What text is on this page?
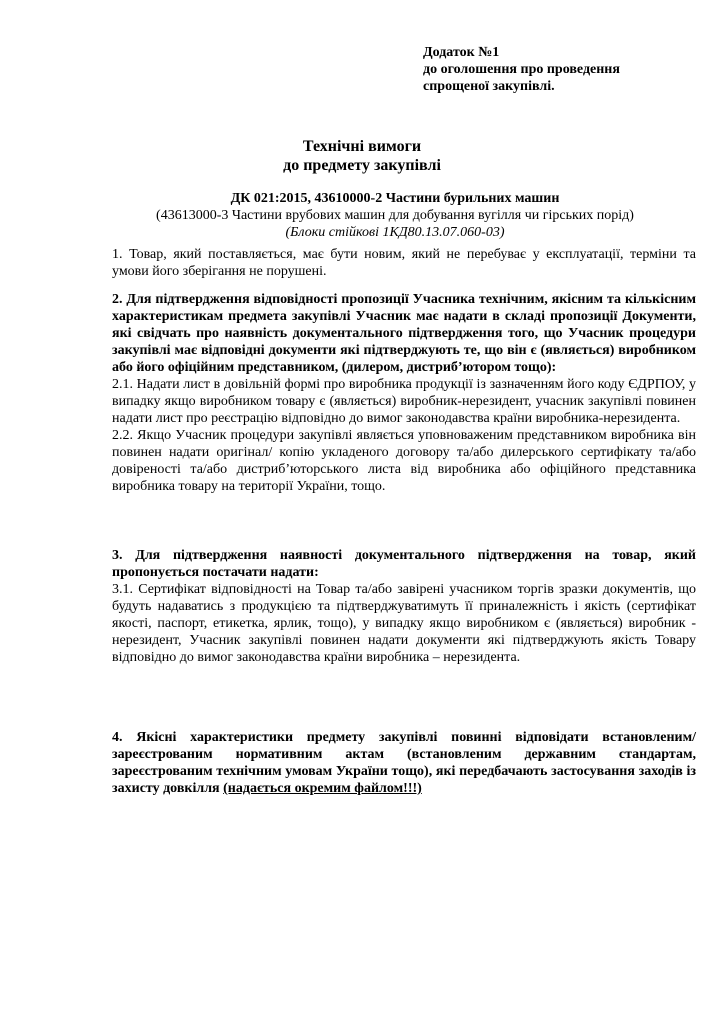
Додаток №1
до оголошення про проведення
спрощеної закупівлі.
Технічні вимоги
до предмету закупівлі
ДК 021:2015, 43610000-2 Частини бурильних машин
(43613000-3 Частини врубових машин для добування вугілля чи гірських порід)
(Блоки стійкові 1КД80.13.07.060-03)
1. Товар, який поставляється, має бути новим, який не перебуває у експлуатації, терміни та умови його зберігання не порушені.
2. Для підтвердження відповідності пропозиції Учасника технічним, якісним та кількісним характеристикам предмета закупівлі Учасник має надати в складі пропозиції Документи, які свідчать про наявність документального підтвердження того, що Учасник процедури закупівлі має відповідні документи які підтверджують те, що він є (являється) виробником або його офіційним представником, (дилером, дистриб’ютором тощо):
2.1. Надати лист в довільній формі про виробника продукції із зазначенням його коду ЄДРПОУ, у випадку якщо виробником товару є (являється) виробник-нерезидент, учасник закупівлі повинен надати лист про реєстрацію відповідно до вимог законодавства країни виробника-нерезидента.
2.2. Якщо Учасник процедури закупівлі являється уповноваженим представником виробника він повинен надати оригінал/ копію укладеного договору та/або дилерського сертифікату та/або довіреності та/або дистриб’юторського листа від виробника або офіційного представника виробника товару на території України, тощо.
3. Для підтвердження наявності документального підтвердження на товар, який пропонується постачати надати:
3.1. Сертифікат відповідності на Товар та/або завірені учасником торгів зразки документів, що будуть надаватись з продукцією та підтверджуватимуть її приналежність і якість (сертифікат якості, паспорт, етикетка, ярлик, тощо), у випадку якщо виробником є (являється) виробник - нерезидент, Учасник закупівлі повинен надати документи які підтверджують якість Товару відповідно до вимог законодавства країни виробника – нерезидента.
4. Якісні характеристики предмету закупівлі повинні відповідати встановленим/зареєстрованим нормативним актам (встановленим державним стандартам, зареєстрованим технічним умовам України тощо), які передбачають застосування заходів із захисту довкілля (надається окремим файлом!!!)
